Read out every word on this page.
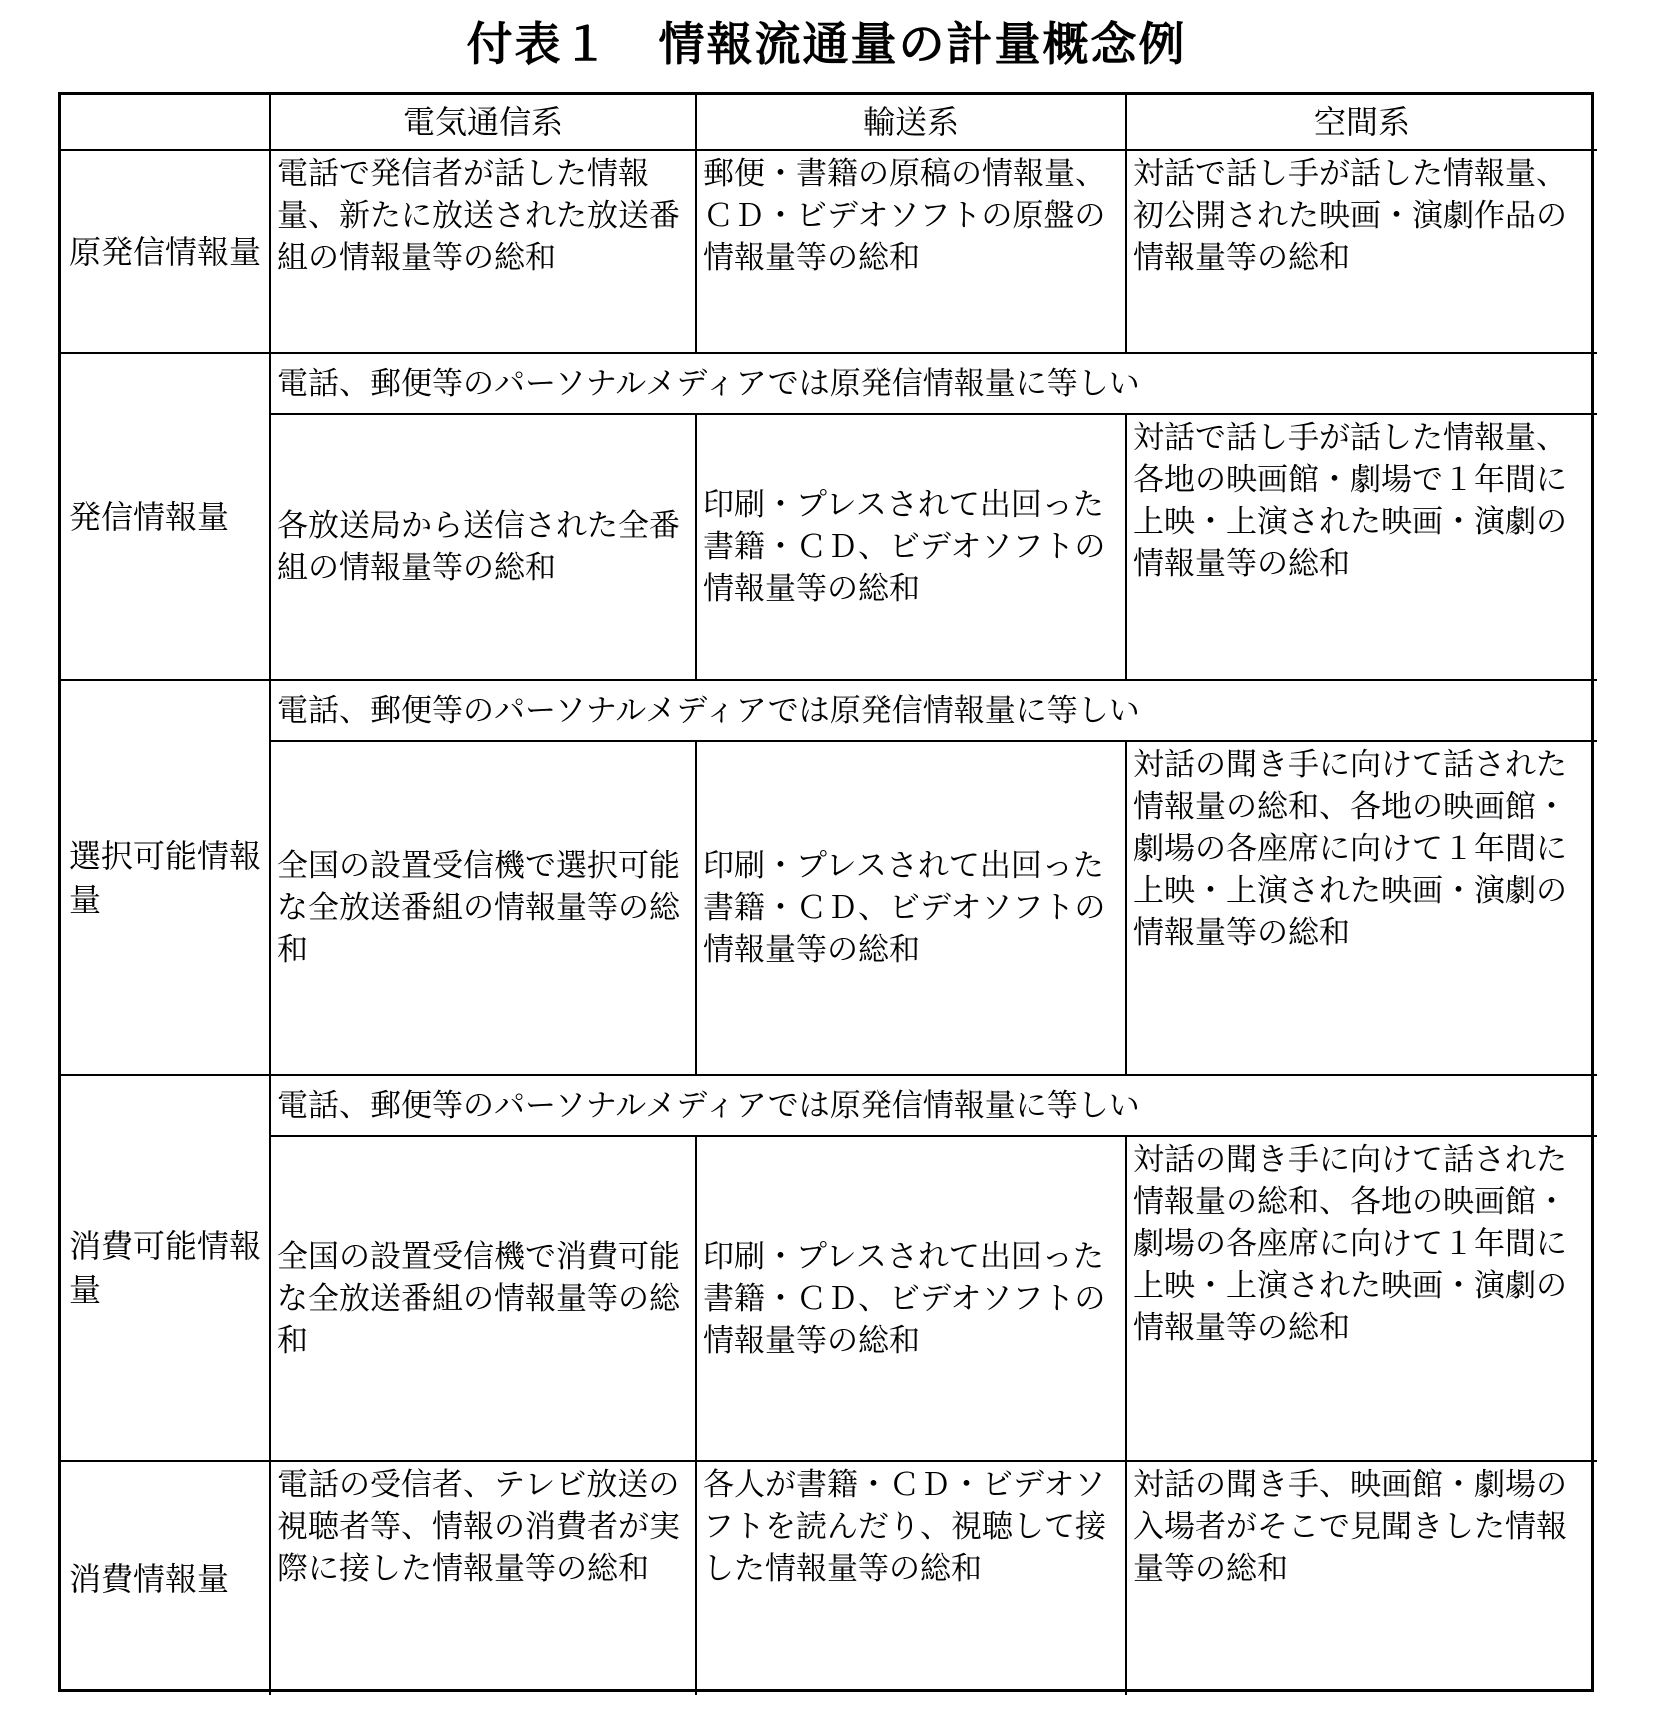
付表１　情報流通量の計量概念例
電気通信系	輸送系	空間系
原発信情報量
電話で発信者が話した情報量、新たに放送された放送番組の情報量等の総和
郵便・書籍の原稿の情報量、ＣＤ・ビデオソフトの原盤の情報量等の総和
対話で話し手が話した情報量、初公開された映画・演劇作品の情報量等の総和
発信情報量
電話、郵便等のパーソナルメディアでは原発信情報量に等しい
各放送局から送信された全番組の情報量等の総和
印刷・プレスされて出回った書籍・ＣＤ、ビデオソフトの情報量等の総和
対話で話し手が話した情報量、各地の映画館・劇場で１年間に上映・上演された映画・演劇の情報量等の総和
選択可能情報量
電話、郵便等のパーソナルメディアでは原発信情報量に等しい
全国の設置受信機で選択可能な全放送番組の情報量等の総和
印刷・プレスされて出回った書籍・ＣＤ、ビデオソフトの情報量等の総和
対話の聞き手に向けて話された情報量の総和、各地の映画館・劇場の各座席に向けて１年間に上映・上演された映画・演劇の情報量等の総和
消費可能情報量
電話、郵便等のパーソナルメディアでは原発信情報量に等しい
全国の設置受信機で消費可能な全放送番組の情報量等の総和
印刷・プレスされて出回った書籍・ＣＤ、ビデオソフトの情報量等の総和
対話の聞き手に向けて話された情報量の総和、各地の映画館・劇場の各座席に向けて１年間に上映・上演された映画・演劇の情報量等の総和
消費情報量
電話の受信者、テレビ放送の視聴者等、情報の消費者が実際に接した情報量等の総和
各人が書籍・ＣＤ・ビデオソフトを読んだり、視聴して接した情報量等の総和
対話の聞き手、映画館・劇場の入場者がそこで見聞きした情報量等の総和
